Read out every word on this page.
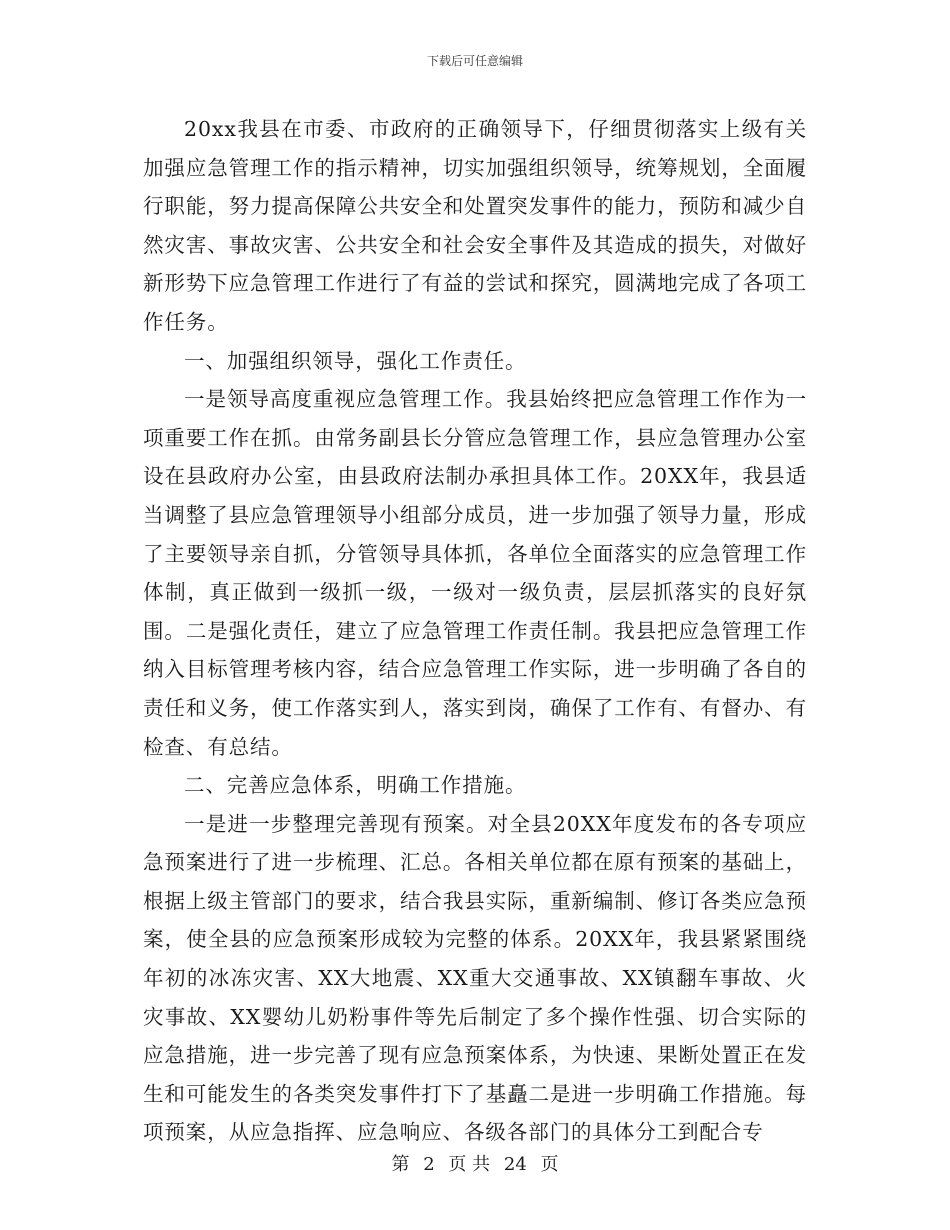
下载后可任意编辑

20xx我县在市委、市政府的正确领导下，仔细贯彻落实上级有关加强应急管理工作的指示精神，切实加强组织领导，统筹规划，全面履行职能，努力提高保障公共安全和处置突发事件的能力，预防和减少自然灾害、事故灾害、公共安全和社会安全事件及其造成的损失，对做好新形势下应急管理工作进行了有益的尝试和探究，圆满地完成了各项工作任务。

一、加强组织领导，强化工作责任。

一是领导高度重视应急管理工作。我县始终把应急管理工作作为一项重要工作在抓。由常务副县长分管应急管理工作，县应急管理办公室设在县政府办公室，由县政府法制办承担具体工作。20XX年，我县适当调整了县应急管理领导小组部分成员，进一步加强了领导力量，形成了主要领导亲自抓，分管领导具体抓，各单位全面落实的应急管理工作体制，真正做到一级抓一级，一级对一级负责，层层抓落实的良好氛围。二是强化责任，建立了应急管理工作责任制。我县把应急管理工作纳入目标管理考核内容，结合应急管理工作实际，进一步明确了各自的责任和义务，使工作落实到人，落实到岗，确保了工作有、有督办、有检查、有总结。

二、完善应急体系，明确工作措施。

一是进一步整理完善现有预案。对全县20XX年度发布的各专项应急预案进行了进一步梳理、汇总。各相关单位都在原有预案的基础上，根据上级主管部门的要求，结合我县实际，重新编制、修订各类应急预案，使全县的应急预案形成较为完整的体系。20XX年，我县紧紧围绕年初的冰冻灾害、XX大地震、XX重大交通事故、XX镇翻车事故、火灾事故、XX婴幼儿奶粉事件等先后制定了多个操作性强、切合实际的应急措施，进一步完善了现有应急预案体系，为快速、果断处置正在发生和可能发生的各类突发事件打下了基矗二是进一步明确工作措施。每项预案，从应急指挥、应急响应、各级各部门的具体分工到配合专

第 2 页 共 24 页
